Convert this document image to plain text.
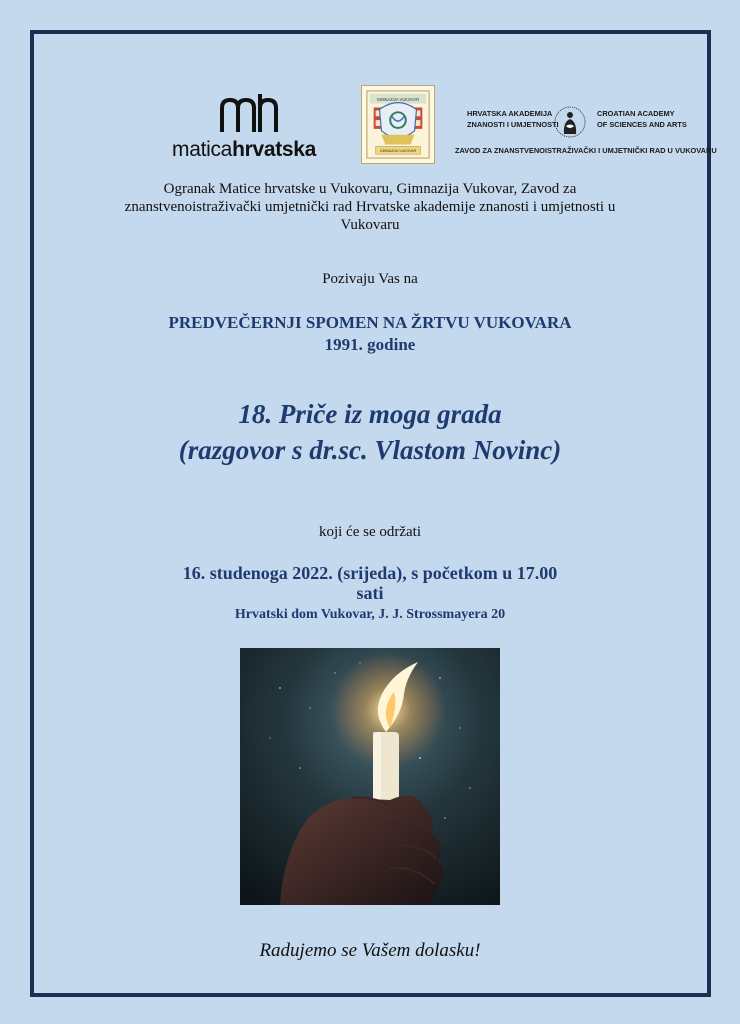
maticahrvatska
GIMNAZIJA VUKOVAR
GIMNAZIJA VUKOVAR
HRVATSKA AKADEMIJA
ZNANOSTI I UMJETNOSTI
CROATIAN ACADEMY
OF SCIENCES AND ARTS
ZAVOD ZA ZNANSTVENOISTRAŽIVAČKI I UMJETNIČKI RAD U VUKOVARU
Ogranak Matice hrvatske u Vukovaru, Gimnazija Vukovar, Zavod za znanstvenoistraživački umjetnički rad Hrvatske akademije znanosti i umjetnosti u Vukovaru
Pozivaju Vas na
PREDVEČERNJI SPOMEN NA ŽRTVU VUKOVARA
1991. godine
18. Priče iz moga grada
(razgovor s dr.sc. Vlastom Novinc)
koji će se održati
16. studenoga 2022. (srijeda), s početkom u 17.00
sati
Hrvatski dom Vukovar, J. J. Strossmayera 20
Radujemo se Vašem dolasku!
